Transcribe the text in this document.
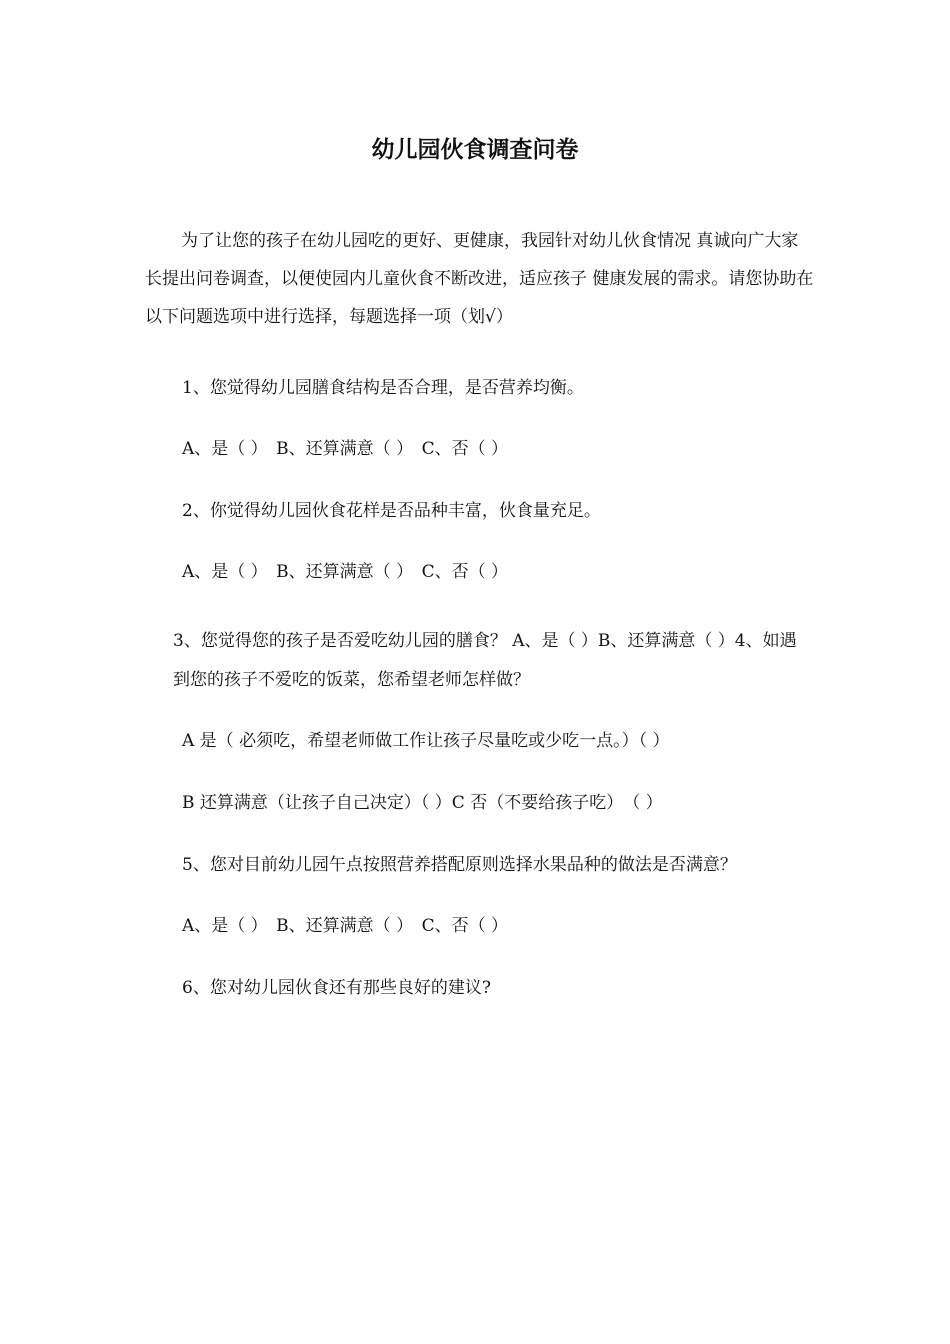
幼儿园伙食调查问卷

为了让您的孩子在幼儿园吃的更好、更健康，我园针对幼儿伙食情况 真诚向广大家长提出问卷调查，以便使园内儿童伙食不断改进，适应孩子 健康发展的需求。请您协助在以下问题选项中进行选择，每题选择一项（划√）

1、您觉得幼儿园膳食结构是否合理，是否营养均衡。

A、是（ ）　B、还算满意（ ）　C、否（ ）

2、你觉得幼儿园伙食花样是否品种丰富，伙食量充足。

A、是（ ）　B、还算满意（ ）　C、否（ ）

3、您觉得您的孩子是否爱吃幼儿园的膳食？ A、是（ ）B、还算满意（ ）4、如遇到您的孩子不爱吃的饭菜，您希望老师怎样做？

A 是（ 必须吃，希望老师做工作让孩子尽量吃或少吃一点。）（ ）

B 还算满意（让孩子自己决定）（ ）C 否（不要给孩子吃）　（ ）

5、您对目前幼儿园午点按照营养搭配原则选择水果品种的做法是否满意？

A、是（ ）　B、还算满意（ ）　C、否（ ）

6、您对幼儿园伙食还有那些良好的建议?
